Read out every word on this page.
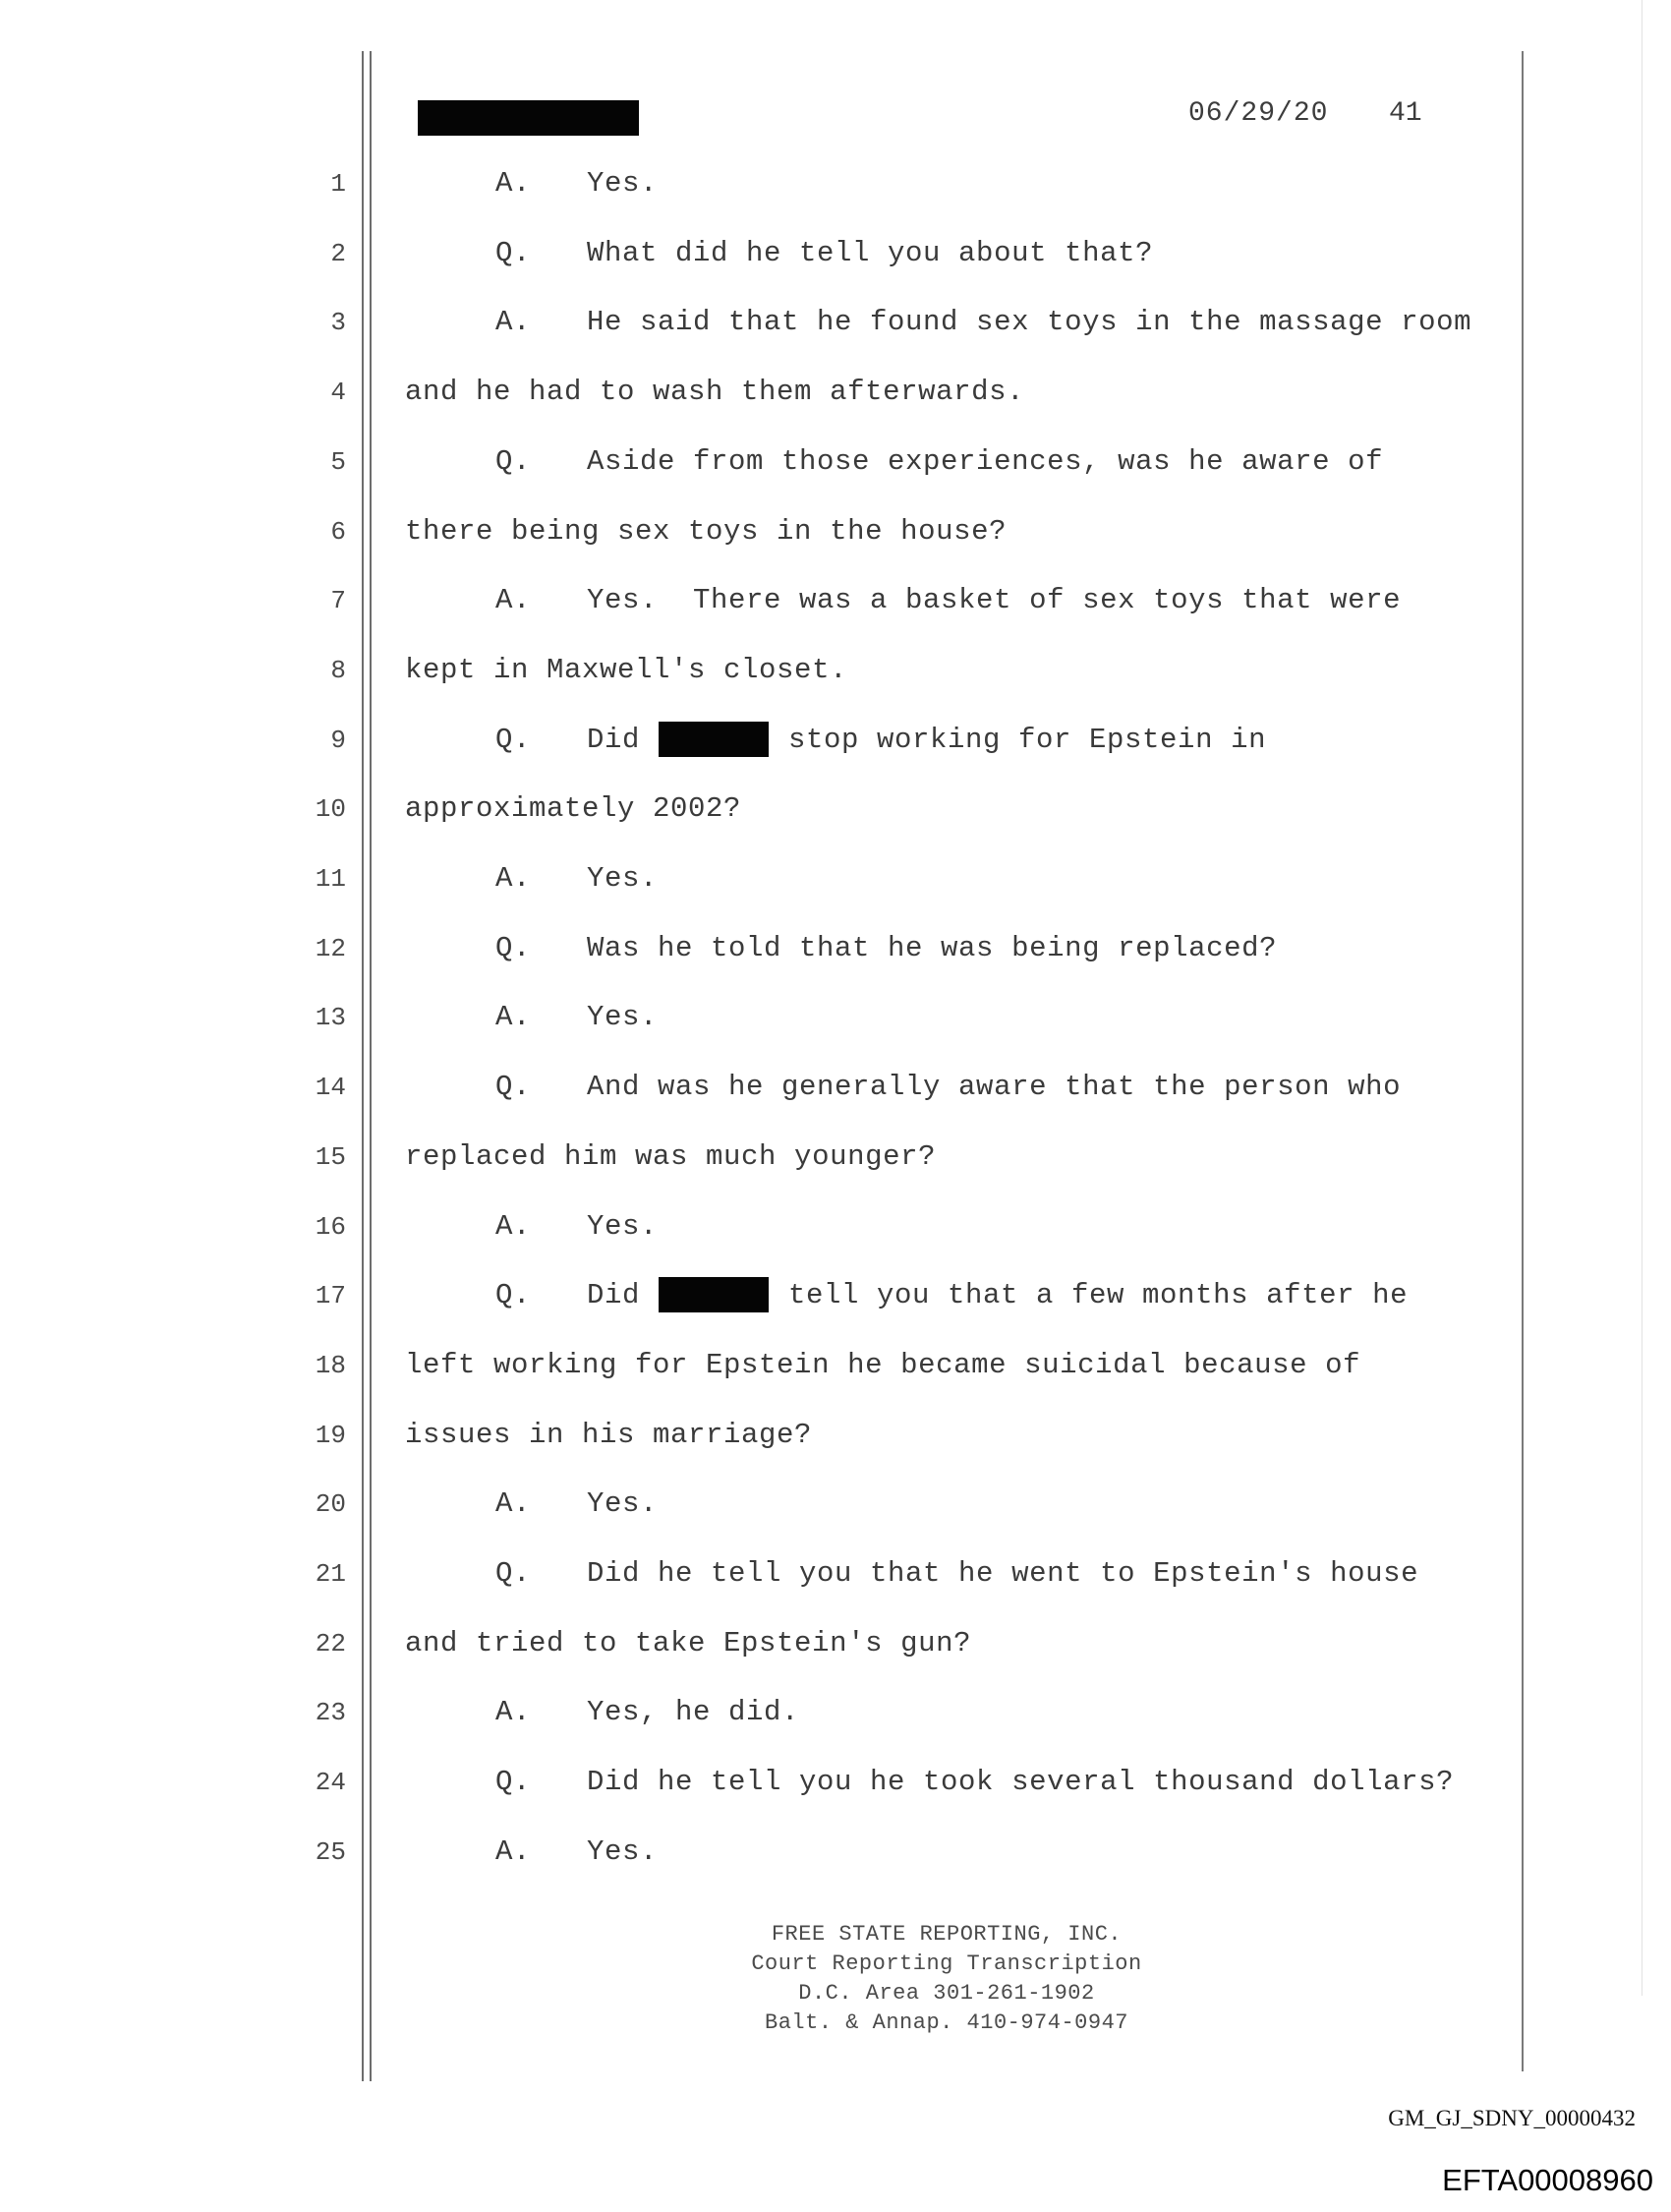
06/29/20 41
1	A. Yes.
2	Q. What did he tell you about that?
3	A. He said that he found sex toys in the massage room
4 and he had to wash them afterwards.
5	Q. Aside from those experiences, was he aware of
6 there being sex toys in the house?
7	A. Yes.  There was a basket of sex toys that were
8 kept in Maxwell's closet.
9	Q. Did	stop working for Epstein in
10 approximately 2002?
11	A. Yes.
12	Q. Was he told that he was being replaced?
13	A. Yes.
14	Q. And was he generally aware that the person who
15 replaced him was much younger?
16	A. Yes.
17	Q. Did	tell you that a few months after he
18 left working for Epstein he became suicidal because of
19 issues in his marriage?
20	A. Yes.
21	Q. Did he tell you that he went to Epstein's house
22 and tried to take Epstein's gun?
23	A. Yes, he did.
24	Q. Did he tell you he took several thousand dollars?
25	A. Yes.
FREE STATE REPORTING, INC.
Court Reporting Transcription
D.C. Area 301-261-1902
Balt. & Annap. 410-974-0947
GM_GJ_SDNY_00000432
EFTA00008960
